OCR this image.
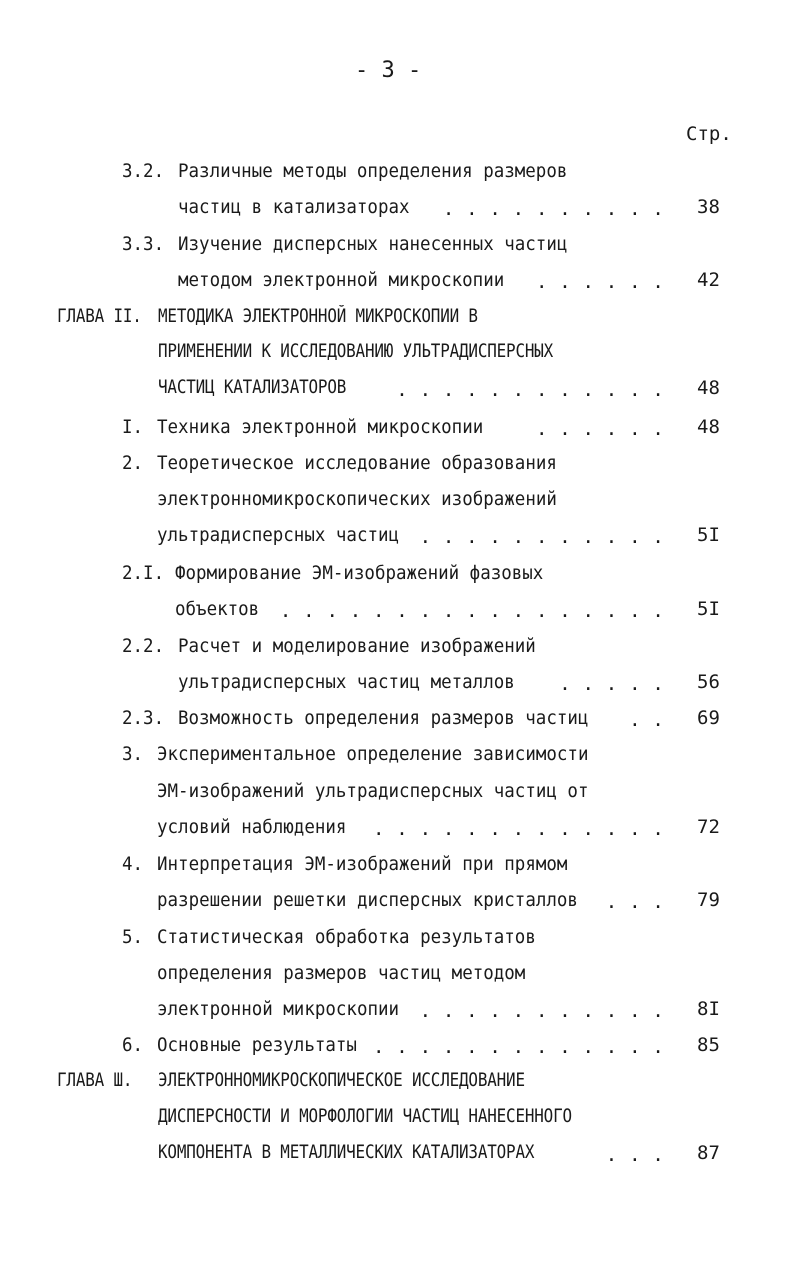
- 3 -
Стр.
3.2. Различные методы определения размеров
частиц в катализаторах . . .	38
3.3. Изучение дисперсных нанесенных частиц
методом электронной микроскопии . . .	42
ГЛАВА II. МЕТОДИКА ЭЛЕКТРОННОЙ МИКРОСКОПИИ В
ПРИМЕНЕНИИ К ИССЛЕДОВАНИЮ УЛЬТРАДИСПЕРСНЫХ
ЧАСТИЦ КАТАЛИЗАТОРОВ . . .	48
I. Техника электронной микроскопии . . .	48
2. Теоретическое исследование образования
электронномикроскопических изображений
ультрадисперсных частиц . . .	5I
2.I. Формирование ЭМ-изображений фазовых
объектов . . .	5I
2.2. Расчет и моделирование изображений
ультрадисперсных частиц металлов . . .	56
2.3. Возможность определения размеров частиц . . .	69
3. Экспериментальное определение зависимости
ЭМ-изображений ультрадисперсных частиц от
условий наблюдения . . .	72
4. Интерпретация ЭМ-изображений при прямом
разрешении решетки дисперсных кристаллов . . .	79
5. Статистическая обработка результатов
определения размеров частиц методом
электронной микроскопии . . .	8I
6. Основные результаты . . .	85
ГЛАВА Ш. ЭЛЕКТРОННОМИКРОСКОПИЧЕСКОЕ ИССЛЕДОВАНИЕ
ДИСПЕРСНОСТИ И МОРФОЛОГИИ ЧАСТИЦ НАНЕСЕННОГО
КОМПОНЕНТА В МЕТАЛЛИЧЕСКИХ КАТАЛИЗАТОРАХ . . .	87
